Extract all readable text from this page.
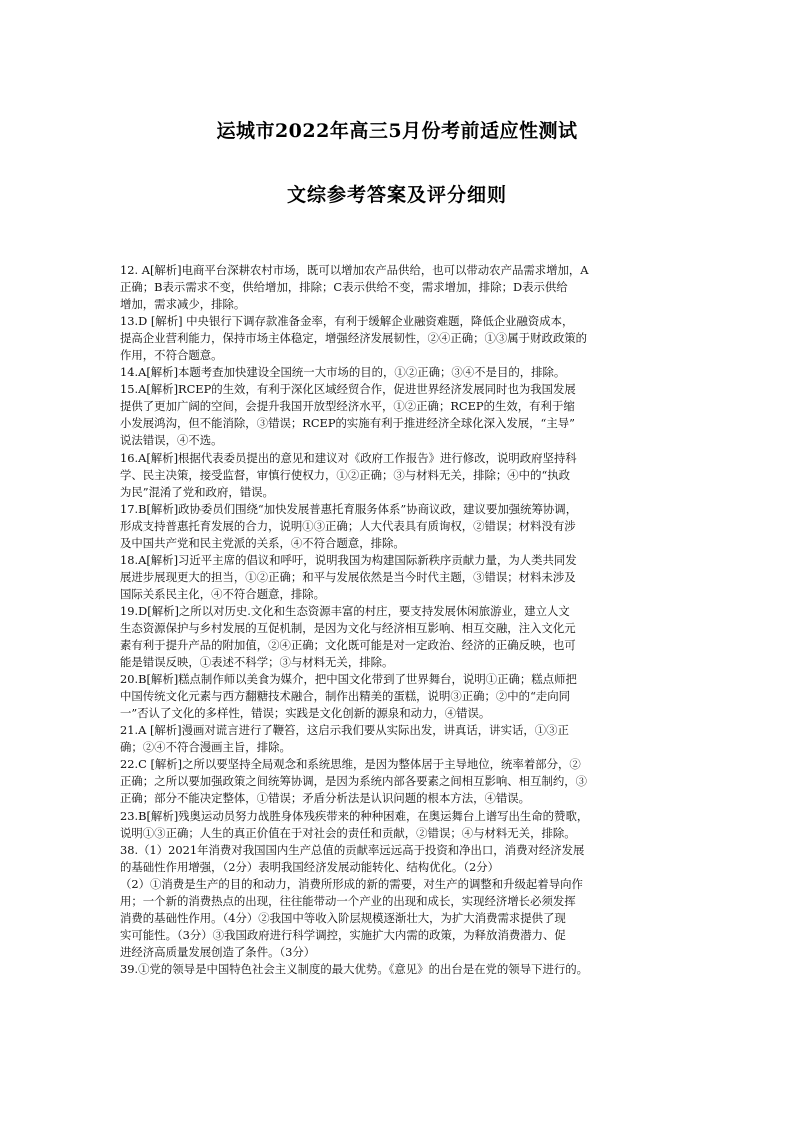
运城市2022年高三5月份考前适应性测试
文综参考答案及评分细则

12. A[解析]电商平台深耕农村市场，既可以增加农产品供给，也可以带动农产品需求增加，A

正确；B表示需求不变，供给增加，排除；C表示供给不变，需求增加，排除；D表示供给

增加，需求减少，排除。

13.D [解析] 中央银行下调存款准备金率，有利于缓解企业融资难题，降低企业融资成本，

提高企业营利能力，保持市场主体稳定，增强经济发展韧性，②④正确；①③属于财政政策的

作用，不符合题意。

14.A[解析]本题考查加快建设全国统一大市场的目的，①②正确；③④不是目的，排除。

15.A[解析]RCEP的生效，有利于深化区域经贸合作，促进世界经济发展同时也为我国发展

提供了更加广阔的空间，会提升我国开放型经济水平，①②正确；RCEP的生效，有利于缩

小发展鸿沟，但不能消除，③错误；RCEP的实施有利于推进经济全球化深入发展，“主导”

说法错误，④不选。

16.A[解析]根据代表委员提出的意见和建议对《政府工作报告》进行修改，说明政府坚持科

学、民主决策，接受监督，审慎行使权力，①②正确；③与材料无关，排除；④中的“执政

为民”混淆了党和政府，错误。

17.B[解析]政协委员们围绕“加快发展普惠托育服务体系”协商议政，建议要加强统筹协调，

形成支持普惠托育发展的合力，说明①③正确；人大代表具有质询权，②错误；材料没有涉

及中国共产党和民主党派的关系，④不符合题意，排除。

18.A[解析]习近平主席的倡议和呼吁，说明我国为构建国际新秩序贡献力量，为人类共同发

展进步展现更大的担当，①②正确；和平与发展依然是当今时代主题，③错误；材料未涉及

国际关系民主化，④不符合题意，排除。

19.D[解析]之所以对历史.文化和生态资源丰富的村庄，要支持发展休闲旅游业，建立人文

生态资源保护与乡村发展的互促机制，是因为文化与经济相互影响、相互交融，注入文化元

素有利于提升产品的附加值，②④正确；文化既可能是对一定政治、经济的正确反映，也可

能是错误反映，①表述不科学；③与材料无关，排除。

20.B[解析]糕点制作师以美食为媒介，把中国文化带到了世界舞台，说明①正确；糕点师把

中国传统文化元素与西方翻糖技术融合，制作出精美的蛋糕，说明③正确；②中的“走向同

一”否认了文化的多样性，错误；实践是文化创新的源泉和动力，④错误。

21.A [解析]漫画对谎言进行了鞭笞，这启示我们要从实际出发，讲真话，讲实话，①③正

确；②④不符合漫画主旨，排除。

22.C [解析]之所以要坚持全局观念和系统思维，是因为整体居于主导地位，统率着部分，②

正确；之所以要加强政策之间统筹协调，是因为系统内部各要素之间相互影响、相互制约，③

正确；部分不能决定整体，①错误；矛盾分析法是认识问题的根本方法，④错误。

23.B[解析]残奥运动员努力战胜身体残疾带来的种种困难，在奥运舞台上谱写出生命的赞歌，

说明①③正确；人生的真正价值在于对社会的责任和贡献，②错误；④与材料无关，排除。

38.（1）2021年消费对我国国内生产总值的贡献率远远高于投资和净出口，消费对经济发展

的基础性作用增强，（2分）表明我国经济发展动能转化、结构优化。（2分）

（2）①消费是生产的目的和动力，消费所形成的新的需要，对生产的调整和升级起着导向作

用；一个新的消费热点的出现，往往能带动一个产业的出现和成长，实现经济增长必须发挥

消费的基础性作用。（4分）②我国中等收入阶层规模逐渐壮大，为扩大消费需求提供了现

实可能性。（3分）③我国政府进行科学调控，实施扩大内需的政策，为释放消费潜力、促

进经济高质量发展创造了条件。（3分）

39.①党的领导是中国特色社会主义制度的最大优势。《意见》的出台是在党的领导下进行的。
